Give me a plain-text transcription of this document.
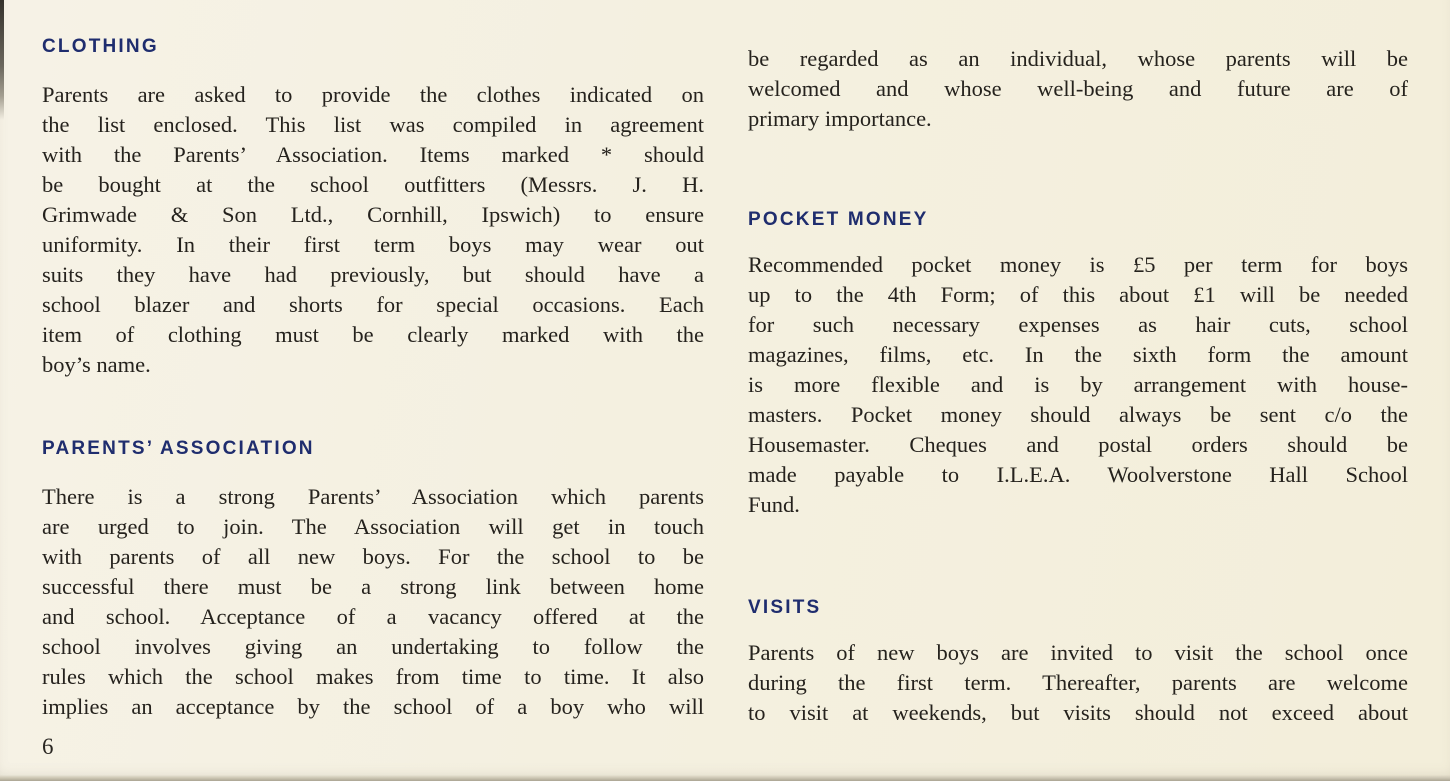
CLOTHING
Parents are asked to provide the clothes indicated on
the list enclosed. This list was compiled in agreement
with the Parents’ Association. Items marked * should
be bought at the school outfitters (Messrs. J. H.
Grimwade & Son Ltd., Cornhill, Ipswich) to ensure
uniformity. In their first term boys may wear out
suits they have had previously, but should have a
school blazer and shorts for special occasions. Each
item of clothing must be clearly marked with the
boy’s name.
PARENTS’ ASSOCIATION
There is a strong Parents’ Association which parents
are urged to join. The Association will get in touch
with parents of all new boys. For the school to be
successful there must be a strong link between home
and school. Acceptance of a vacancy offered at the
school involves giving an undertaking to follow the
rules which the school makes from time to time. It also
implies an acceptance by the school of a boy who will
be regarded as an individual, whose parents will be
welcomed and whose well-being and future are of
primary importance.
POCKET MONEY
Recommended pocket money is £5 per term for boys
up to the 4th Form; of this about £1 will be needed
for such necessary expenses as hair cuts, school
magazines, films, etc. In the sixth form the amount
is more flexible and is by arrangement with house-
masters. Pocket money should always be sent c/o the
Housemaster. Cheques and postal orders should be
made payable to I.L.E.A. Woolverstone Hall School
Fund.
VISITS
Parents of new boys are invited to visit the school once
during the first term. Thereafter, parents are welcome
to visit at weekends, but visits should not exceed about
6
